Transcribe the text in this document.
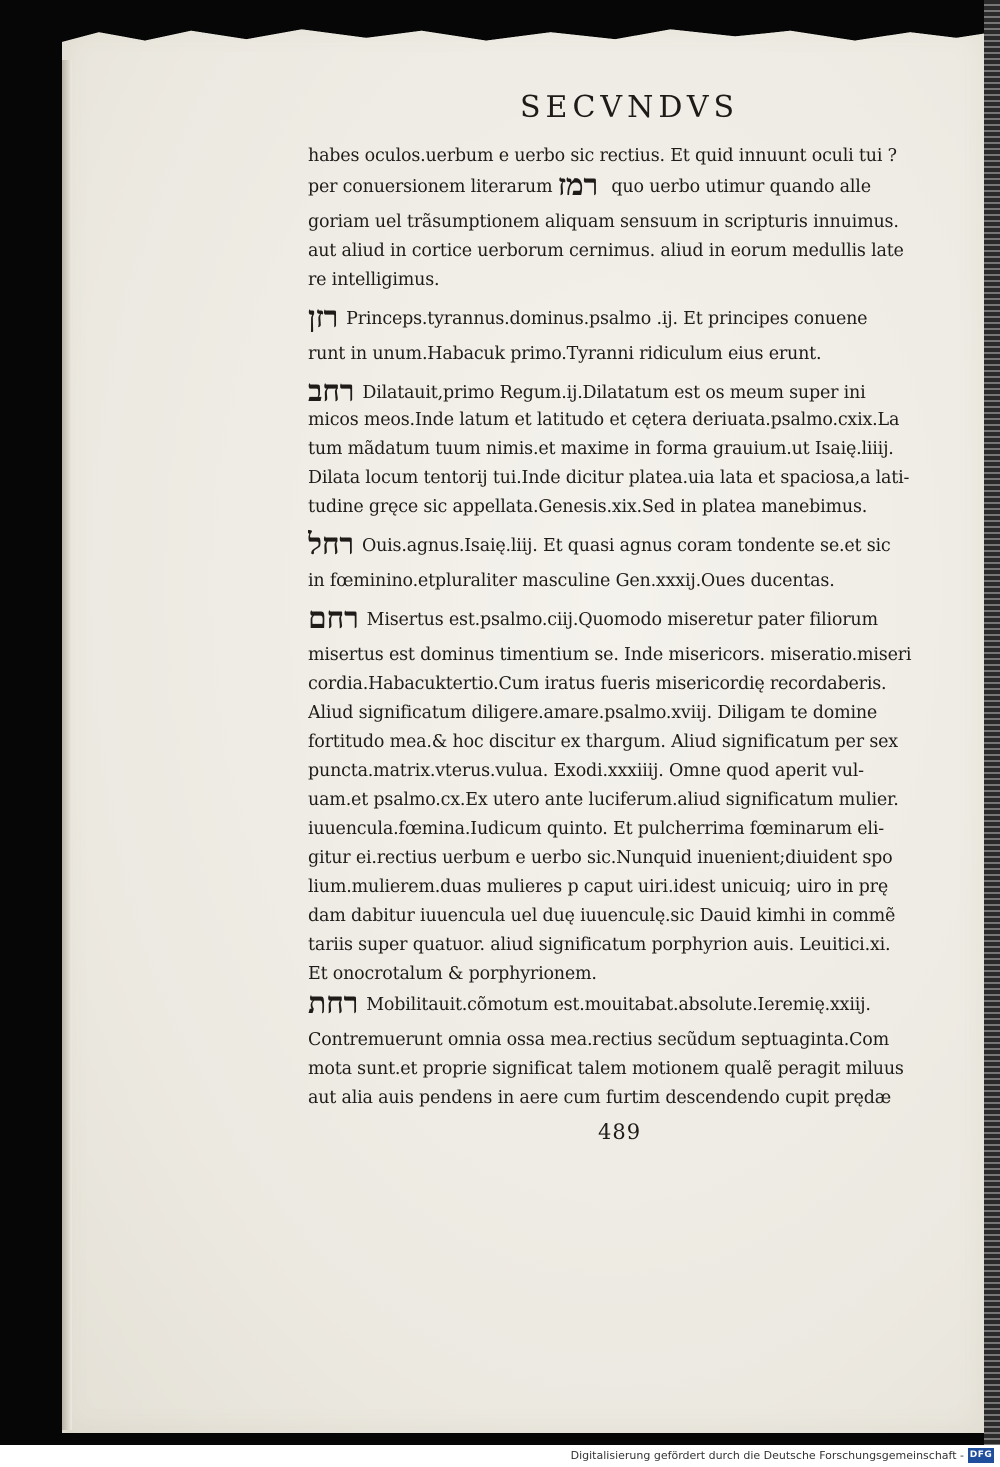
SECVNDVS
habes oculos.uerbum e uerbo sic rectius. Et quid innuunt oculi tui ?
per conuersionem literarum רמז quo uerbo utimur quando alle
goriam uel trãsumptionem aliquam sensuum in scripturis innuimus.
aut aliud in cortice uerborum cernimus. aliud in eorum medullis late
re intelligimus.
רזן Princeps.tyrannus.dominus.psalmo .ij. Et principes conuene
runt in unum.Habacuk primo.Tyranni ridiculum eius erunt.
רחב Dilatauit,primo Regum.ij.Dilatatum est os meum super ini
micos meos.Inde latum et latitudo et cętera deriuata.psalmo.cxix.La
tum mãdatum tuum nimis.et maxime in forma grauium.ut Isaię.liiij.
Dilata locum tentorij tui.Inde dicitur platea.uia lata et spaciosa,a lati-
tudine gręce sic appellata.Genesis.xix.Sed in platea manebimus.
רחל Ouis.agnus.Isaię.liij. Et quasi agnus coram tondente se.et sic
in fœminino.etpluraliter masculine Gen.xxxij.Oues ducentas.
רחם Misertus est.psalmo.ciij.Quomodo miseretur pater filiorum
misertus est dominus timentium se. Inde misericors. miseratio.miseri
cordia.Habacuktertio.Cum iratus fueris misericordię recordaberis.
Aliud significatum diligere.amare.psalmo.xviij. Diligam te domine
fortitudo mea.& hoc discitur ex thargum. Aliud significatum per sex
puncta.matrix.vterus.vulua. Exodi.xxxiiij. Omne quod aperit vul-
uam.et psalmo.cx.Ex utero ante luciferum.aliud significatum mulier.
iuuencula.fœmina.Iudicum quinto. Et pulcherrima fœminarum eli-
gitur ei.rectius uerbum e uerbo sic.Nunquid inuenient;diuident spo
lium.mulierem.duas mulieres p caput uiri.idest unicuiq; uiro in prę
dam dabitur iuuencula uel duę iuuenculę.sic Dauid kimhi in commẽ
tariis super quatuor. aliud significatum porphyrion auis. Leuitici.xi.
Et onocrotalum & porphyrionem.
רחת Mobilitauit.cõmotum est.mouitabat.absolute.Ieremię.xxiij.
Contremuerunt omnia ossa mea.rectius secũdum septuaginta.Com
mota sunt.et proprie significat talem motionem qualẽ peragit miluus
aut alia auis pendens in aere cum furtim descendendo cupit prędæ
489
Digitalisierung gefördert durch die Deutsche Forschungsgemeinschaft - DFG
